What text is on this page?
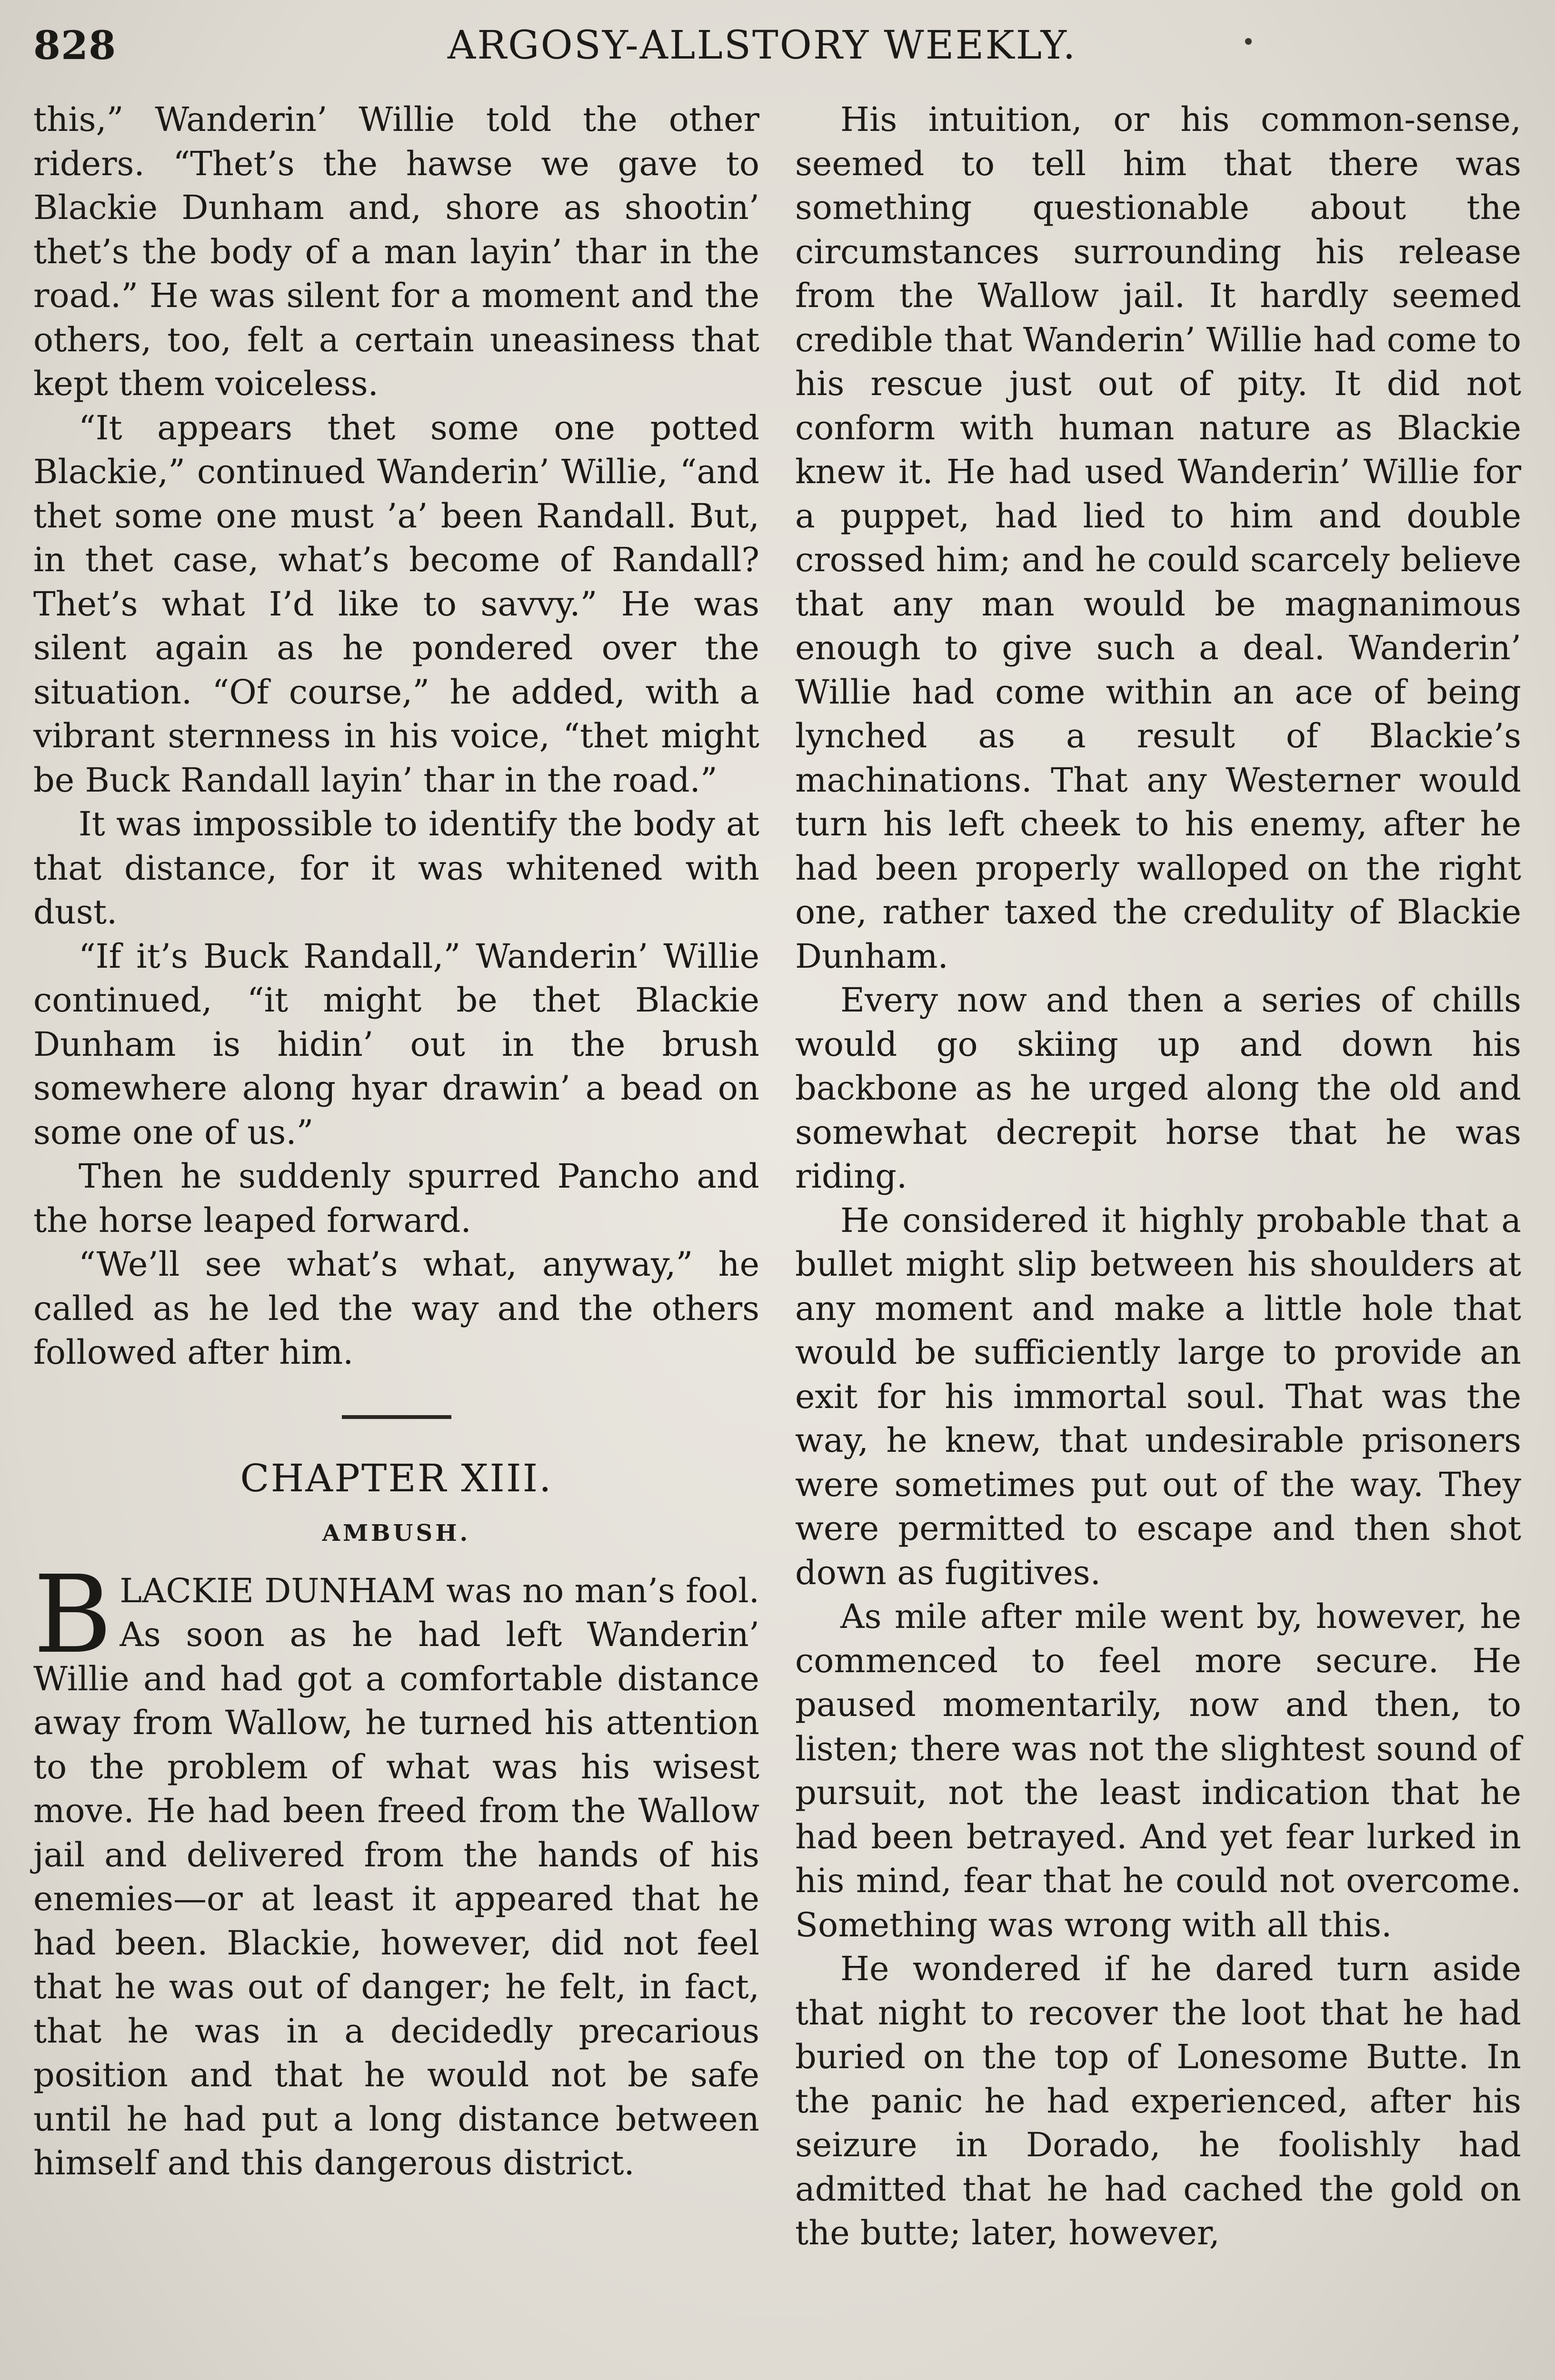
828	ARGOSY-ALLSTORY WEEKLY.

this,” Wanderin’ Willie told the other riders. “Thet’s the hawse we gave to Blackie Dunham and, shore as shootin’ thet’s the body of a man layin’ thar in the road.” He was silent for a moment and the others, too, felt a certain uneasiness that kept them voiceless.

“It appears thet some one potted Blackie,” continued Wanderin’ Willie, “and thet some one must ’a’ been Randall. But, in thet case, what’s become of Randall? Thet’s what I’d like to savvy.” He was silent again as he pondered over the situation. “Of course,” he added, with a vibrant sternness in his voice, “thet might be Buck Randall layin’ thar in the road.”

It was impossible to identify the body at that distance, for it was whitened with dust.

“If it’s Buck Randall,” Wanderin’ Willie continued, “it might be thet Blackie Dunham is hidin’ out in the brush somewhere along hyar drawin’ a bead on some one of us.”

Then he suddenly spurred Pancho and the horse leaped forward.

“We’ll see what’s what, anyway,” he called as he led the way and the others followed after him.

CHAPTER XIII.
AMBUSH.

BLACKIE DUNHAM was no man’s fool. As soon as he had left Wanderin’ Willie and had got a comfortable distance away from Wallow, he turned his attention to the problem of what was his wisest move. He had been freed from the Wallow jail and delivered from the hands of his enemies—or at least it appeared that he had been. Blackie, however, did not feel that he was out of danger; he felt, in fact, that he was in a decidedly precarious position and that he would not be safe until he had put a long distance between himself and this dangerous district.

His intuition, or his common-sense, seemed to tell him that there was something questionable about the circumstances surrounding his release from the Wallow jail. It hardly seemed credible that Wanderin’ Willie had come to his rescue just out of pity. It did not conform with human nature as Blackie knew it. He had used Wanderin’ Willie for a puppet, had lied to him and double crossed him; and he could scarcely believe that any man would be magnanimous enough to give such a deal. Wanderin’ Willie had come within an ace of being lynched as a result of Blackie’s machinations. That any Westerner would turn his left cheek to his enemy, after he had been properly walloped on the right one, rather taxed the credulity of Blackie Dunham.

Every now and then a series of chills would go skiing up and down his backbone as he urged along the old and somewhat decrepit horse that he was riding.

He considered it highly probable that a bullet might slip between his shoulders at any moment and make a little hole that would be sufficiently large to provide an exit for his immortal soul. That was the way, he knew, that undesirable prisoners were sometimes put out of the way. They were permitted to escape and then shot down as fugitives.

As mile after mile went by, however, he commenced to feel more secure. He paused momentarily, now and then, to listen; there was not the slightest sound of pursuit, not the least indication that he had been betrayed. And yet fear lurked in his mind, fear that he could not overcome. Something was wrong with all this.

He wondered if he dared turn aside that night to recover the loot that he had buried on the top of Lonesome Butte. In the panic he had experienced, after his seizure in Dorado, he foolishly had admitted that he had cached the gold on the butte; later, however,
